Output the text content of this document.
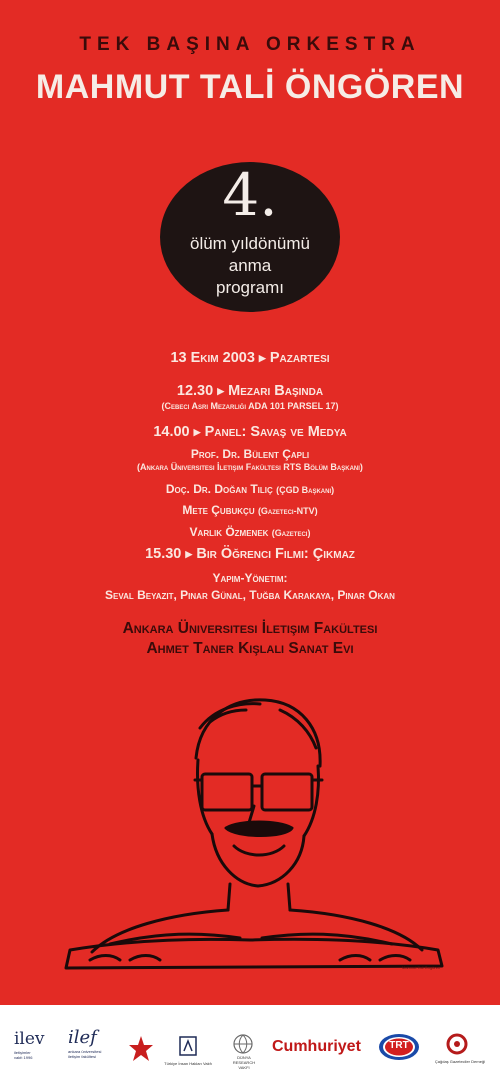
TEK BAŞINA ORKESTRA
MAHMUT TALİ ÖNGÖREN
4.
ölüm yıldönümü
anma
programı
13 Ekim 2003 ▶ Pazartesi
12.30 ▶ Mezarı Başında
(Cebeci Asri Mezarlığı ADA 101 PARSEL 17)
14.00 ▶ Panel: Savaş ve Medya
Prof. Dr. Bülent Çaplı
(Ankara Üniversitesi İletişim Fakültesi RTS Bölüm Başkanı)
Doç. Dr. Doğan Tılıç (ÇGD Başkanı)
Mete Çubukçu (Gazeteci-NTV)
Varlık Özmenek (Gazeteci)
15.30 ▶ Bir Öğrenci Filmi: Çıkmaz
Yapım-Yönetim:
Seval Beyazıt, Pınar Günal, Tuğba Karakaya, Pınar Okan
Ankara Üniversitesi İletişim Fakültesi
Ahmet Taner Kışlalı Sanat Evi
Mahmut Tali Öngören
ilev
iletişimler
vakfı 1996
ilef
ankara üniversitesi
iletişim fakültesi
Türkiye İnsan Hakları Vakfı
DÜNYA
RESEARCH
VAKFI
Cumhuriyet	TRT
Çağdaş Gazeteciler Derneği
